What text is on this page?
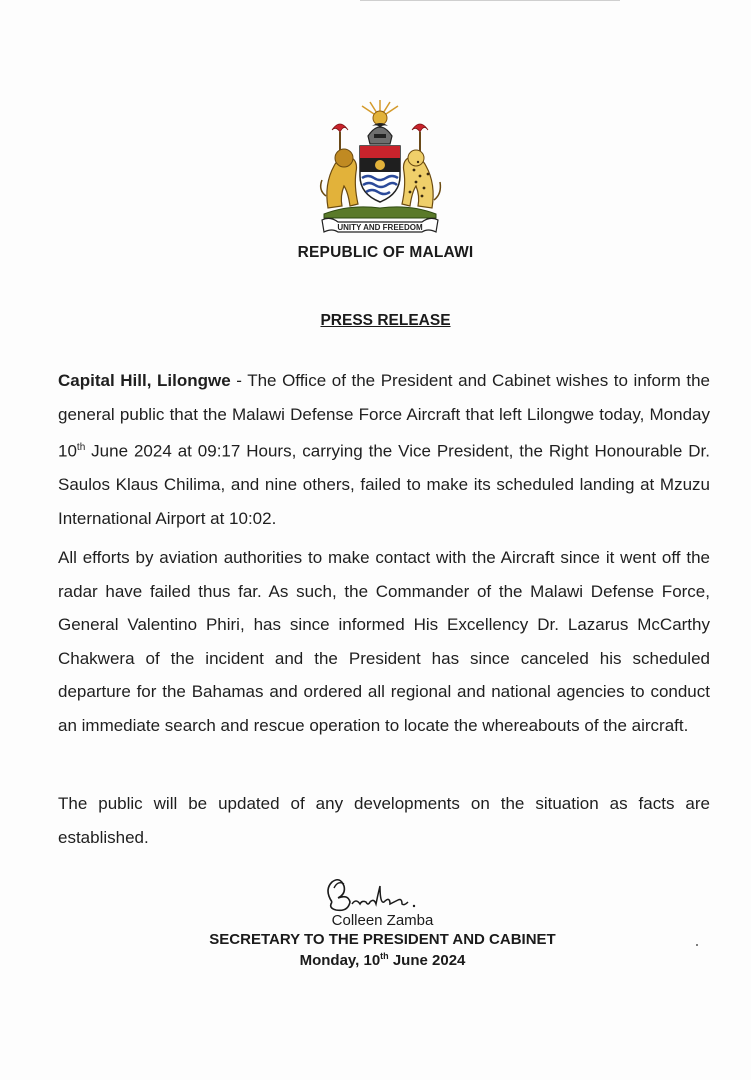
UNITY AND FREEDOM
REPUBLIC OF MALAWI
PRESS RELEASE
Capital Hill, Lilongwe - The Office of the President and Cabinet wishes to inform the general public that the Malawi Defense Force Aircraft that left Lilongwe today, Monday 10th June 2024 at 09:17 Hours, carrying the Vice President, the Right Honourable Dr. Saulos Klaus Chilima, and nine others, failed to make its scheduled landing at Mzuzu International Airport at 10:02.
All efforts by aviation authorities to make contact with the Aircraft since it went off the radar have failed thus far. As such, the Commander of the Malawi Defense Force, General Valentino Phiri, has since informed His Excellency Dr. Lazarus McCarthy Chakwera of the incident and the President has since canceled his scheduled departure for the Bahamas and ordered all regional and national agencies to conduct an immediate search and rescue operation to locate the whereabouts of the aircraft.
The public will be updated of any developments on the situation as facts are established.
Colleen Zamba
SECRETARY TO THE PRESIDENT AND CABINET
Monday, 10th June 2024
